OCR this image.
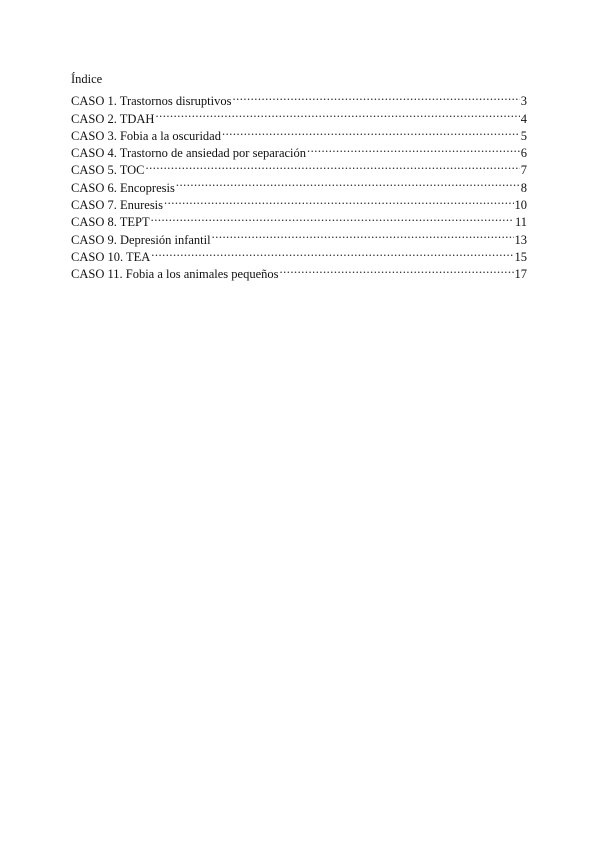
Índice
CASO 1. Trastornos disruptivos .....	3
CASO 2. TDAH .....	4
CASO 3. Fobia a la oscuridad .....	5
CASO 4. Trastorno de ansiedad por separación .....	6
CASO 5. TOC .....	7
CASO 6. Encopresis .....	8
CASO 7. Enuresis .....	10
CASO 8. TEPT .....	11
CASO 9. Depresión infantil .....	13
CASO 10. TEA .....	15
CASO 11. Fobia a los animales pequeños .....	17
